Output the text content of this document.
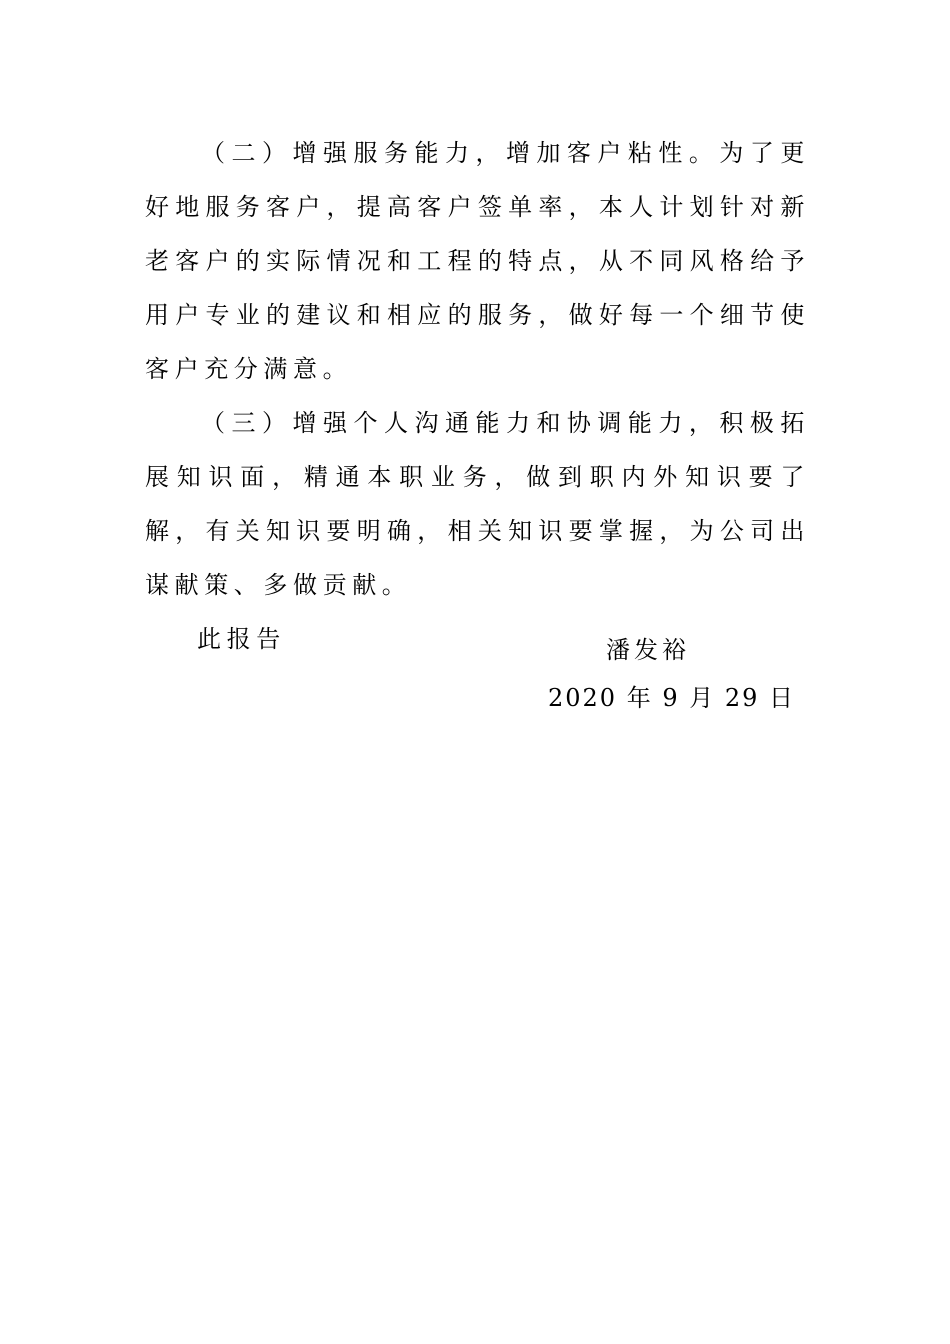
（二）增强服务能力，增加客户粘性。为了更好地服务客户，提高客户签单率，本人计划针对新老客户的实际情况和工程的特点，从不同风格给予用户专业的建议和相应的服务，做好每一个细节使客户充分满意。

（三）增强个人沟通能力和协调能力，积极拓展知识面，精通本职业务，做到职内外知识要了解，有关知识要明确，相关知识要掌握，为公司出谋献策、多做贡献。

此报告	潘发裕
2020 年 9 月 29 日
